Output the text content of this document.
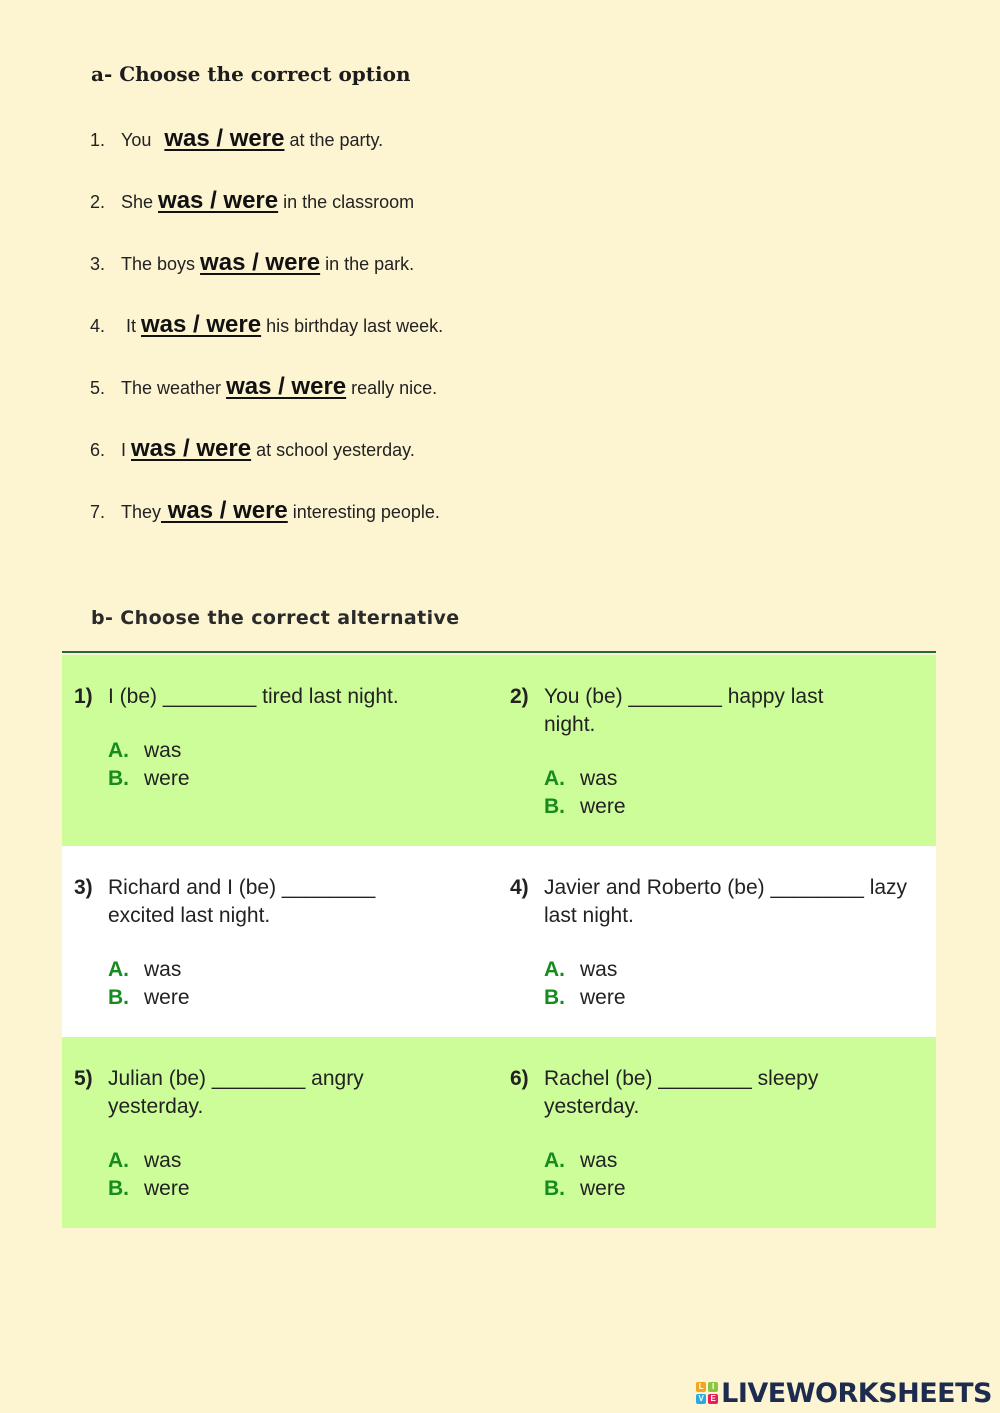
a- Choose the correct option
1. You was / were at the party.
2. She was / were in the classroom
3. The boys was / were in the park.
4. It was / were his birthday last week.
5. The weather was / were really nice.
6. I was / were at school yesterday.
7. They was / were interesting people.
b- Choose the correct alternative
1) I (be) ________ tired last night.
A. was
B. were
2) You (be) ________ happy last night.
A. was
B. were
3) Richard and I (be) ________ excited last night.
A. was
B. were
4) Javier and Roberto (be) ________ lazy last night.
A. was
B. were
5) Julian (be) ________ angry yesterday.
A. was
B. were
6) Rachel (be) ________ sleepy yesterday.
A. was
B. were
L	I
V E LIVEWORKSHEETS
